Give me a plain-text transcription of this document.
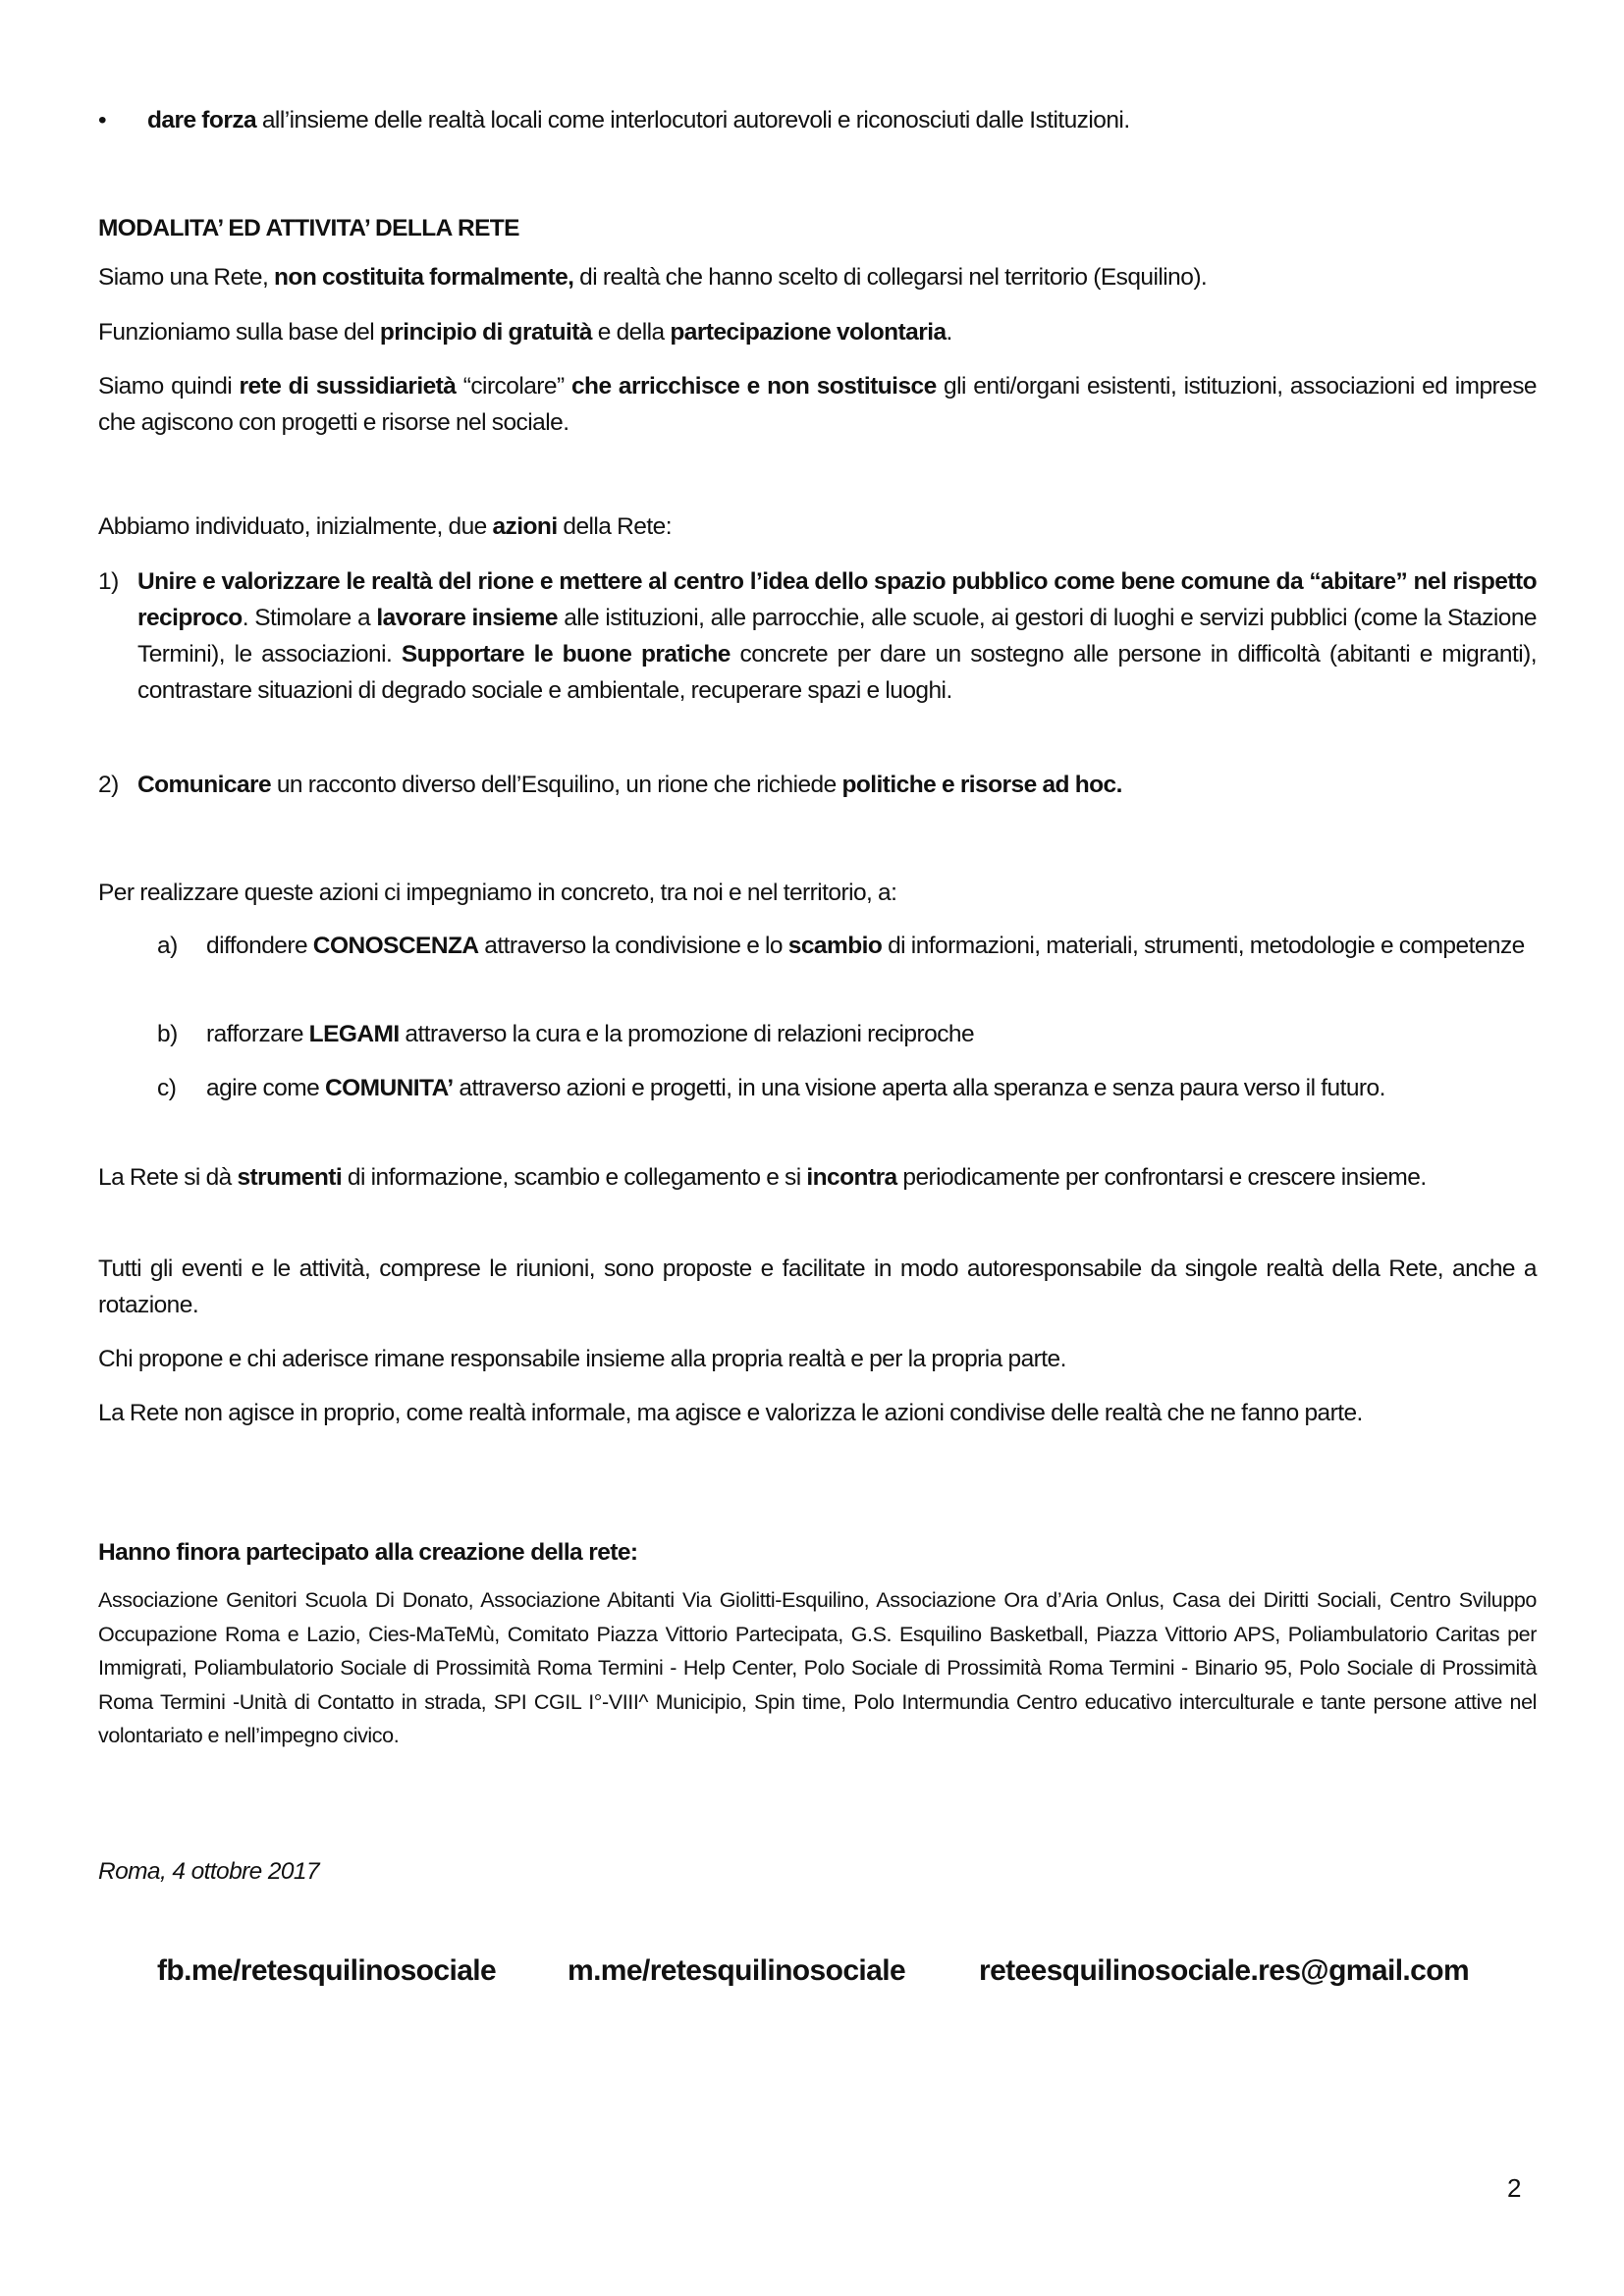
• dare forza all’insieme delle realtà locali come interlocutori autorevoli e riconosciuti dalle Istituzioni.
MODALITA’ ED ATTIVITA’ DELLA RETE

Siamo una Rete, non costituita formalmente, di realtà che hanno scelto di collegarsi nel territorio (Esquilino).

Funzioniamo sulla base del principio di gratuità e della partecipazione volontaria.

Siamo quindi rete di sussidiarietà “circolare” che arricchisce e non sostituisce gli enti/organi esistenti, istituzioni, associazioni ed imprese che agiscono con progetti e risorse nel sociale.

Abbiamo individuato, inizialmente, due azioni della Rete:

1) Unire e valorizzare le realtà del rione e mettere al centro l’idea dello spazio pubblico come bene comune da “abitare” nel rispetto reciproco. Stimolare a lavorare insieme alle istituzioni, alle parrocchie, alle scuole, ai gestori di luoghi e servizi pubblici (come la Stazione Termini), le associazioni. Supportare le buone pratiche concrete per dare un sostegno alle persone in difficoltà (abitanti e migranti), contrastare situazioni di degrado sociale e ambientale, recuperare spazi e luoghi.
2) Comunicare un racconto diverso dell’Esquilino, un rione che richiede politiche e risorse ad hoc.

Per realizzare queste azioni ci impegniamo in concreto, tra noi e nel territorio, a:

a) diffondere CONOSCENZA attraverso la condivisione e lo scambio di informazioni, materiali, strumenti, metodologie e competenze
b) rafforzare LEGAMI attraverso la cura e la promozione di relazioni reciproche
c) agire come COMUNITA’ attraverso azioni e progetti, in una visione aperta alla speranza e senza paura verso il futuro.

La Rete si dà strumenti di informazione, scambio e collegamento e si incontra periodicamente per confrontarsi e crescere insieme.

Tutti gli eventi e le attività, comprese le riunioni, sono proposte e facilitate in modo autoresponsabile da singole realtà della Rete, anche a rotazione.

Chi propone e chi aderisce rimane responsabile insieme alla propria realtà e per la propria parte.

La Rete non agisce in proprio, come realtà informale, ma agisce e valorizza le azioni condivise delle realtà che ne fanno parte.

Hanno finora partecipato alla creazione della rete:

Associazione Genitori Scuola Di Donato, Associazione Abitanti Via Giolitti-Esquilino, Associazione Ora d’Aria Onlus, Casa dei Diritti Sociali, Centro Sviluppo Occupazione Roma e Lazio, Cies-MaTeMù, Comitato Piazza Vittorio Partecipata, G.S. Esquilino Basketball, Piazza Vittorio APS, Poliambulatorio Caritas per Immigrati, Poliambulatorio Sociale di Prossimità Roma Termini - Help Center, Polo Sociale di Prossimità Roma Termini - Binario 95, Polo Sociale di Prossimità Roma Termini -Unità di Contatto in strada, SPI CGIL I°-VIII^ Municipio, Spin time, Polo Intermundia Centro educativo interculturale e tante persone attive nel volontariato e nell’impegno civico.

Roma, 4 ottobre 2017
fb.me/retesquilinosociale m.me/retesquilinosociale reteesquilinosociale.res@gmail.com
2
